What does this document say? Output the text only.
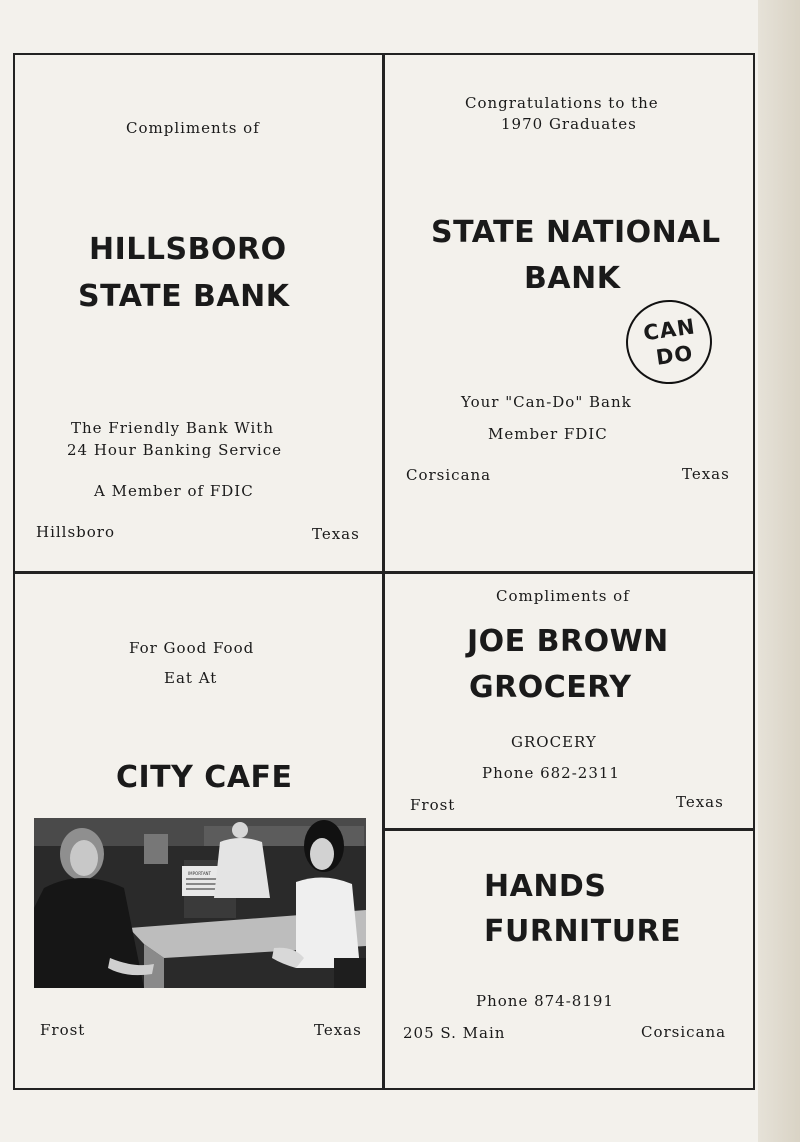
Compliments of
HILLSBORO
STATE BANK
The Friendly Bank With
24 Hour Banking Service
A Member of FDIC
Hillsboro	Texas
Congratulations to the
1970 Graduates
STATE NATIONAL
BANK
Your "Can-Do" Bank
Member FDIC
Corsicana	Texas
CAN
DO
For Good Food
Eat At
CITY CAFE
Frost	Texas
IMPORTANT
Compliments of
JOE BROWN
GROCERY
GROCERY
Phone 682-2311
Frost	Texas
HANDS
FURNITURE
Phone 874-8191
205 S. Main	Corsicana
